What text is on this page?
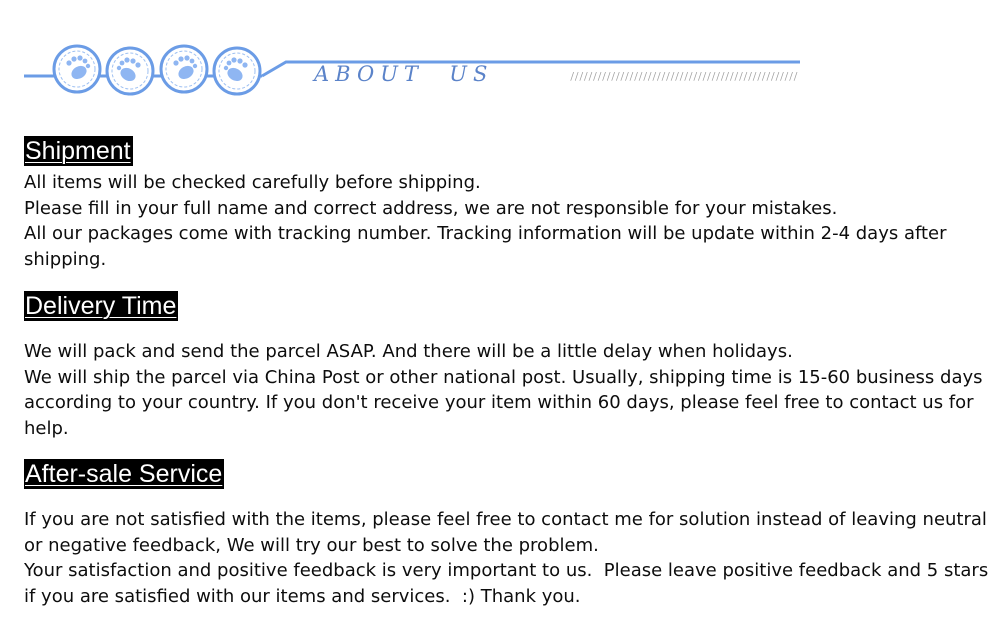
//////////////////////////////////////////////////
ABOUT  US
Shipment

All items will be checked carefully before shipping.

Please fill in your full name and correct address, we are not responsible for your mistakes.

All our packages come with tracking number. Tracking information will be update within 2-4 days after shipping.

Delivery Time

We will pack and send the parcel ASAP. And there will be a little delay when holidays.

We will ship the parcel via China Post or other national post. Usually, shipping time is 15-60 business days according to your country. If you don't receive your item within 60 days, please feel free to contact us for help.

After-sale Service

If you are not satisfied with the items, please feel free to contact me for solution instead of leaving neutral or negative feedback, We will try our best to solve the problem.

Your satisfaction and positive feedback is very important to us.  Please leave positive feedback and 5 stars if you are satisfied with our items and services.  :) Thank you.
